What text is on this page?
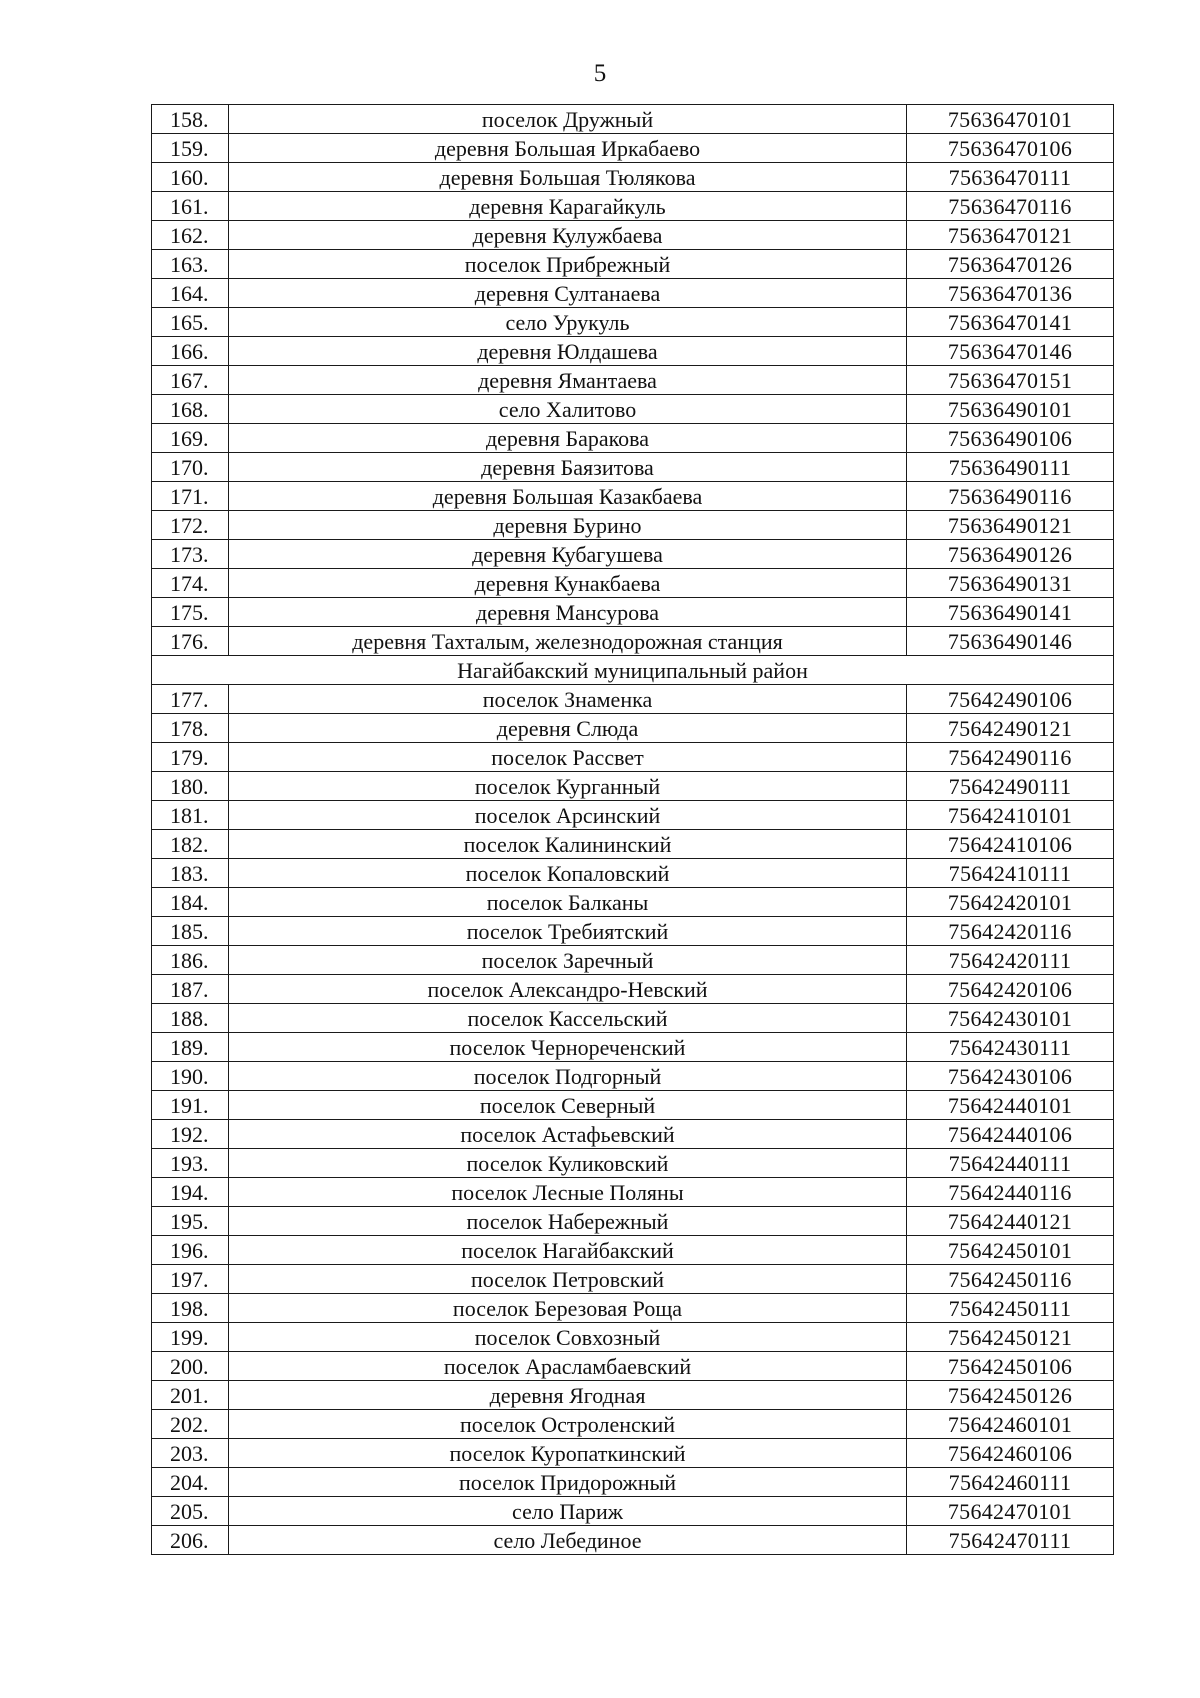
5
158.	поселок Дружный	75636470101
159.	деревня Большая Иркабаево	75636470106
160.	деревня Большая Тюлякова	75636470111
161.	деревня Карагайкуль	75636470116
162.	деревня Кулужбаева	75636470121
163.	поселок Прибрежный	75636470126
164.	деревня Султанаева	75636470136
165.	село Урукуль	75636470141
166.	деревня Юлдашева	75636470146
167.	деревня Ямантаева	75636470151
168.	село Халитово	75636490101
169.	деревня Баракова	75636490106
170.	деревня Баязитова	75636490111
171.	деревня Большая Казакбаева	75636490116
172.	деревня Бурино	75636490121
173.	деревня Кубагушева	75636490126
174.	деревня Кунакбаева	75636490131
175.	деревня Мансурова	75636490141
176.	деревня Тахталым, железнодорожная станция	75636490146
Нагайбакский муниципальный район		
177.	поселок Знаменка	75642490106
178.	деревня Слюда	75642490121
179.	поселок Рассвет	75642490116
180.	поселок Курганный	75642490111
181.	поселок Арсинский	75642410101
182.	поселок Калининский	75642410106
183.	поселок Копаловский	75642410111
184.	поселок Балканы	75642420101
185.	поселок Требиятский	75642420116
186.	поселок Заречный	75642420111
187.	поселок Александро-Невский	75642420106
188.	поселок Кассельский	75642430101
189.	поселок Чернореченский	75642430111
190.	поселок Подгорный	75642430106
191.	поселок Северный	75642440101
192.	поселок Астафьевский	75642440106
193.	поселок Куликовский	75642440111
194.	поселок Лесные Поляны	75642440116
195.	поселок Набережный	75642440121
196.	поселок Нагайбакский	75642450101
197.	поселок Петровский	75642450116
198.	поселок Березовая Роща	75642450111
199.	поселок Совхозный	75642450121
200.	поселок Арасламбаевский	75642450106
201.	деревня Ягодная	75642450126
202.	поселок Остроленский	75642460101
203.	поселок Куропаткинский	75642460106
204.	поселок Придорожный	75642460111
205.	село Париж	75642470101
206.	село Лебединое	75642470111
